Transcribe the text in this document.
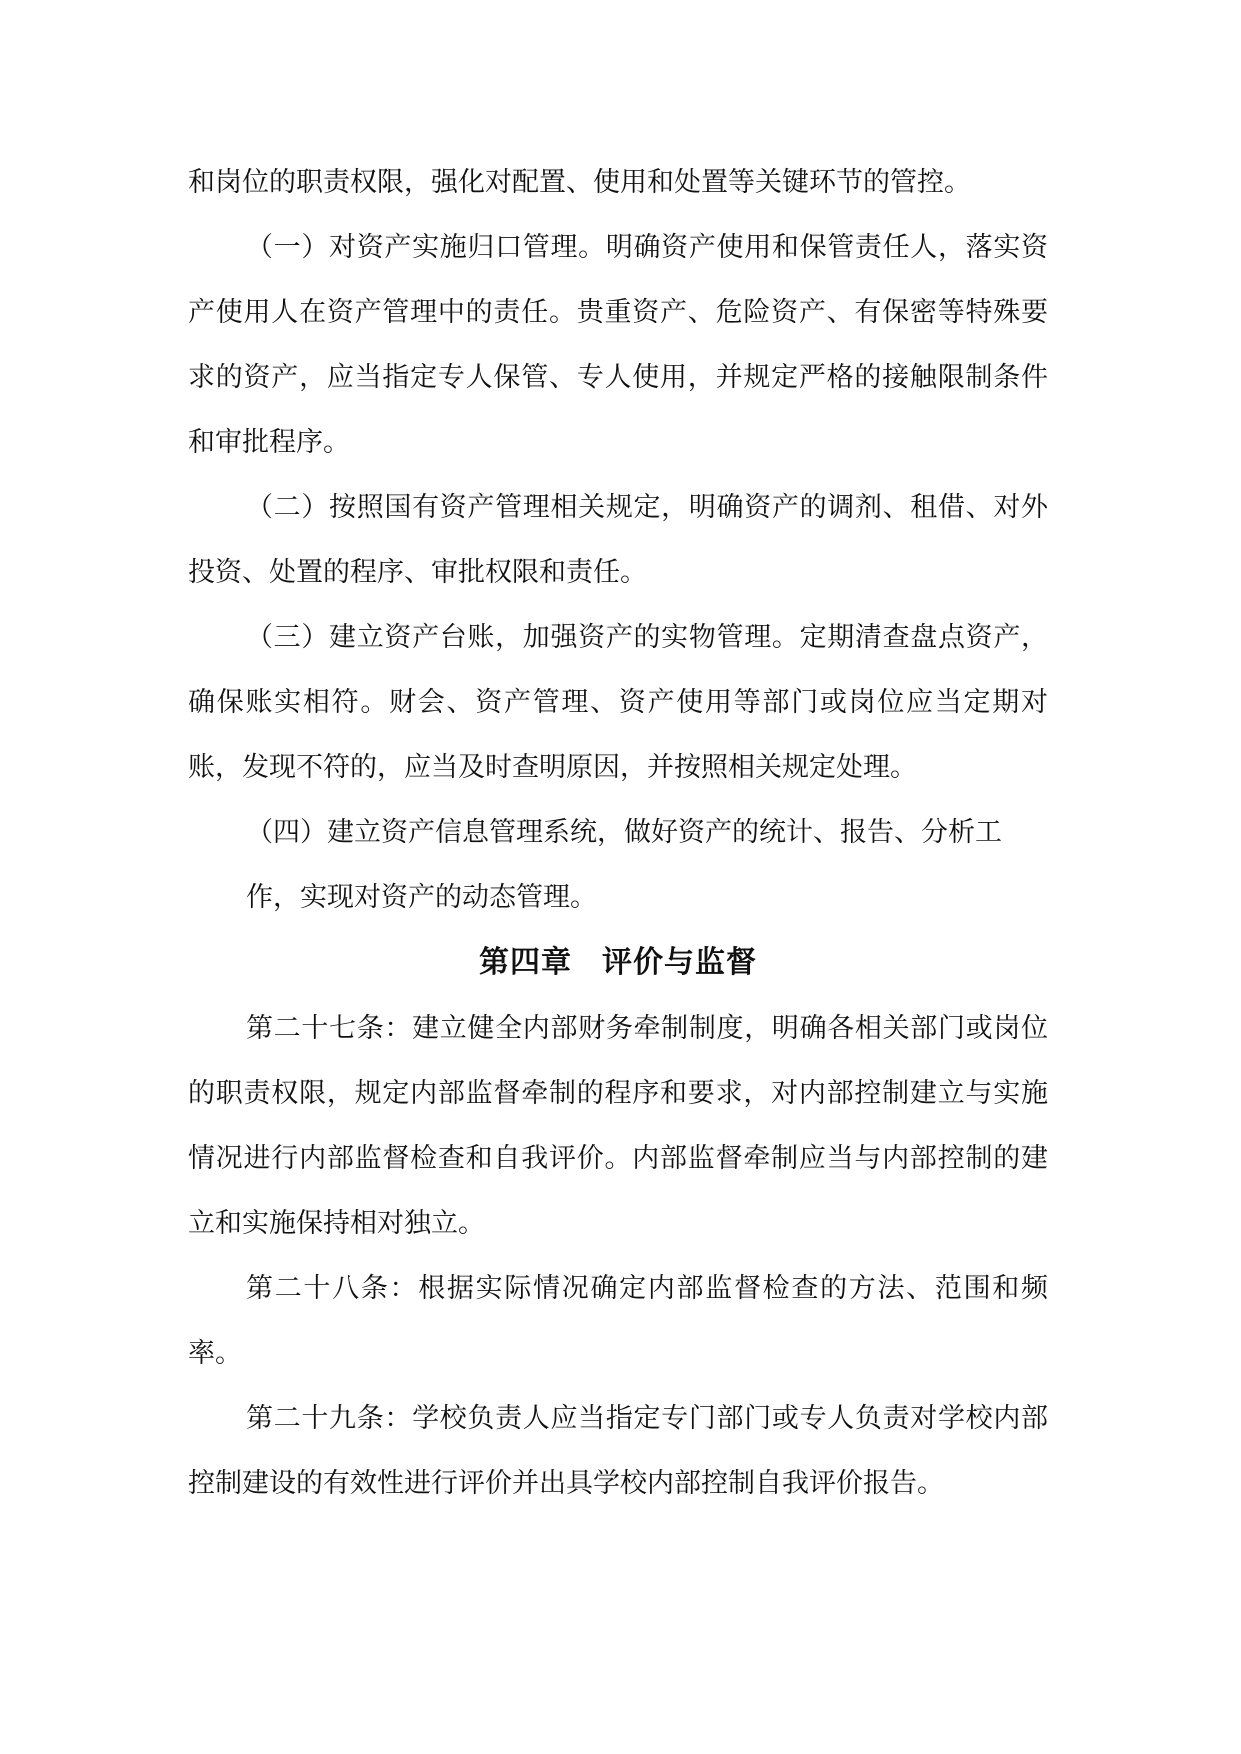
和岗位的职责权限，强化对配置、使用和处置等关键环节的管控。

（一）对资产实施归口管理。明确资产使用和保管责任人，落实资产使用人在资产管理中的责任。贵重资产、危险资产、有保密等特殊要求的资产，应当指定专人保管、专人使用，并规定严格的接触限制条件和审批程序。

（二）按照国有资产管理相关规定，明确资产的调剂、租借、对外投资、处置的程序、审批权限和责任。

（三）建立资产台账，加强资产的实物管理。定期清查盘点资产，确保账实相符。财会、资产管理、资产使用等部门或岗位应当定期对账，发现不符的，应当及时查明原因，并按照相关规定处理。

（四）建立资产信息管理系统，做好资产的统计、报告、分析工

作，实现对资产的动态管理。

第四章 评价与监督

第二十七条：建立健全内部财务牵制制度，明确各相关部门或岗位的职责权限，规定内部监督牵制的程序和要求，对内部控制建立与实施情况进行内部监督检查和自我评价。内部监督牵制应当与内部控制的建立和实施保持相对独立。

第二十八条：根据实际情况确定内部监督检查的方法、范围和频率。

第二十九条：学校负责人应当指定专门部门或专人负责对学校内部控制建设的有效性进行评价并出具学校内部控制自我评价报告。
